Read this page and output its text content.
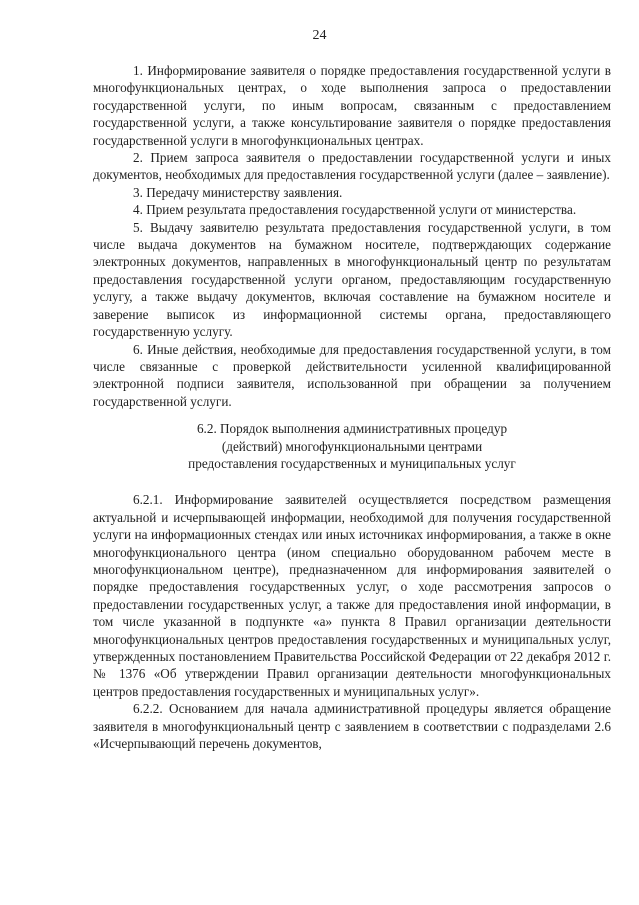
24

1. Информирование заявителя о порядке предоставления государственной услуги в многофункциональных центрах, о ходе выполнения запроса о предоставлении государственной услуги, по иным вопросам, связанным с предоставлением государственной услуги, а также консультирование заявителя о порядке предоставления государственной услуги в многофункциональных центрах.

2. Прием запроса заявителя о предоставлении государственной услуги и иных документов, необходимых для предоставления государственной услуги (далее – заявление).

3. Передачу министерству заявления.

4. Прием результата предоставления государственной услуги от министерства.

5. Выдачу заявителю результата предоставления государственной услуги, в том числе выдача документов на бумажном носителе, подтверждающих содержание электронных документов, направленных в многофункциональный центр по результатам предоставления государственной услуги органом, предоставляющим государственную услугу, а также выдачу документов, включая составление на бумажном носителе и заверение выписок из информационной системы органа, предоставляющего государственную услугу.

6. Иные действия, необходимые для предоставления государственной услуги, в том числе связанные с проверкой действительности усиленной квалифицированной электронной подписи заявителя, использованной при обращении за получением государственной услуги.

6.2. Порядок выполнения административных процедур
(действий) многофункциональными центрами
предоставления государственных и муниципальных услуг

6.2.1. Информирование заявителей осуществляется посредством размещения актуальной и исчерпывающей информации, необходимой для получения государственной услуги на информационных стендах или иных источниках информирования, а также в окне многофункционального центра (ином специально оборудованном рабочем месте в многофункциональном центре), предназначенном для информирования заявителей о порядке предоставления государственных услуг, о ходе рассмотрения запросов о предоставлении государственных услуг, а также для предоставления иной информации, в том числе указанной в подпункте «а» пункта 8 Правил организации деятельности многофункциональных центров предоставления государственных и муниципальных услуг, утвержденных постановлением Правительства Российской Федерации от 22 декабря 2012 г. № 1376 «Об утверждении Правил организации деятельности многофункциональных центров предоставления государственных и муниципальных услуг».

6.2.2. Основанием для начала административной процедуры является обращение заявителя в многофункциональный центр с заявлением в соответствии с подразделами 2.6 «Исчерпывающий перечень документов,
